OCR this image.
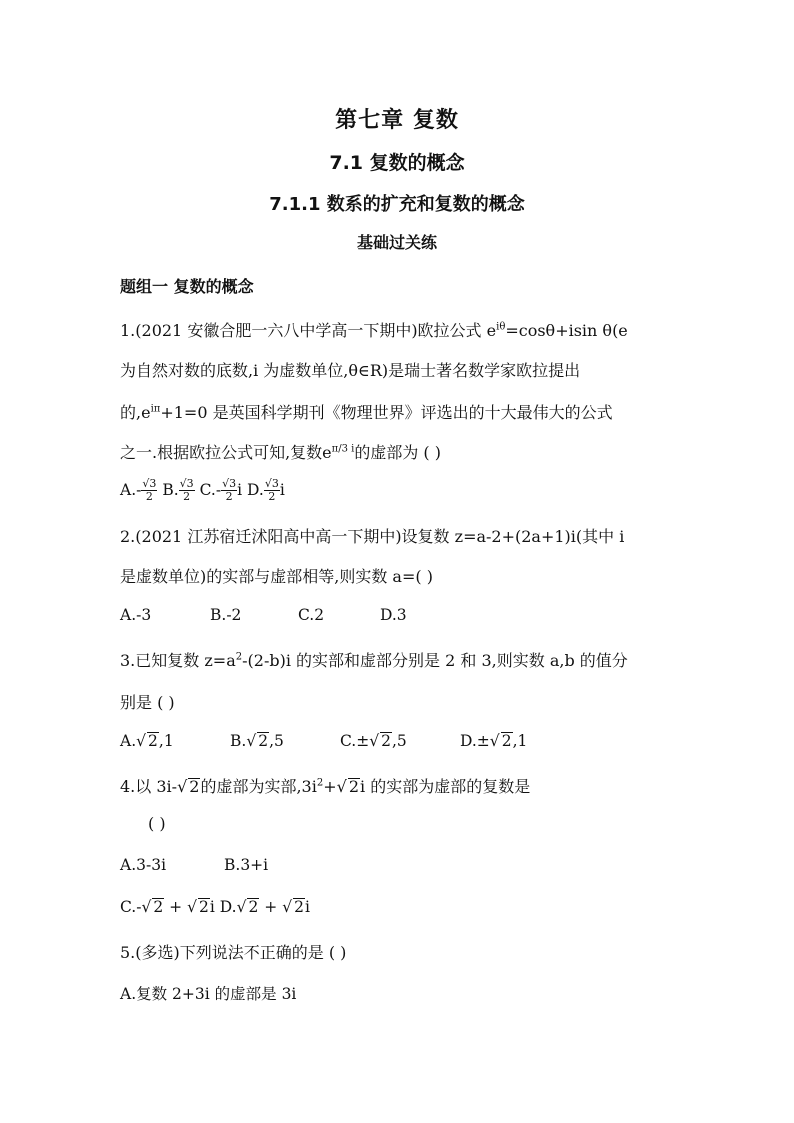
第七章 复数
7.1 复数的概念
7.1.1 数系的扩充和复数的概念
基础过关练
题组一 复数的概念
1.(2021 安徽合肥一六八中学高一下期中)欧拉公式 $e^{i\theta}=\cos\theta+isin$ θ(e
为自然对数的底数,i 为虚数单位,θ∈R)是瑞士著名数学家欧拉提出
的$,e^{i\pi}+1=0$ 是英国科学期刊《物理世界》评选出的十大最伟大的公式
之一.根据欧拉公式可知,复数$e^{\pi/3 i}$的虚部为 ( )
$A.- \frac{√3}{2} B$. $\frac{√3}{2} C.- \frac{√3}{2}$ i D. $\frac{√3}{2}$ i
2.(2021 江苏宿迁沭阳高中高一下期中)设复数 z=a-2+(2a+1)i(其中 i
是虚数单位)的实部与虚部相等,则实数 a=( )
A.-3	B.-2	C.2	D.3
3.已知复数 $z=a^2-(2-b)i$ 的实部和虚部分别是 2 和 3,则实数 a,b 的值分
别是 ( )
A.√ 2,1	B.√ 2,5	C.±√ 2,5	D.±√ 2,1
4.以 3i-√ 2的虚部为实部$,3i^2+√$ 2i 的实部为虚部的复数是
( )
A.3-3i	B.3+i
C.-√ 2 + √ 2i D.√ 2 + √ 2i
5.(多选)下列说法不正确的是 ( )
A.复数 2+3i 的虚部是 3i
